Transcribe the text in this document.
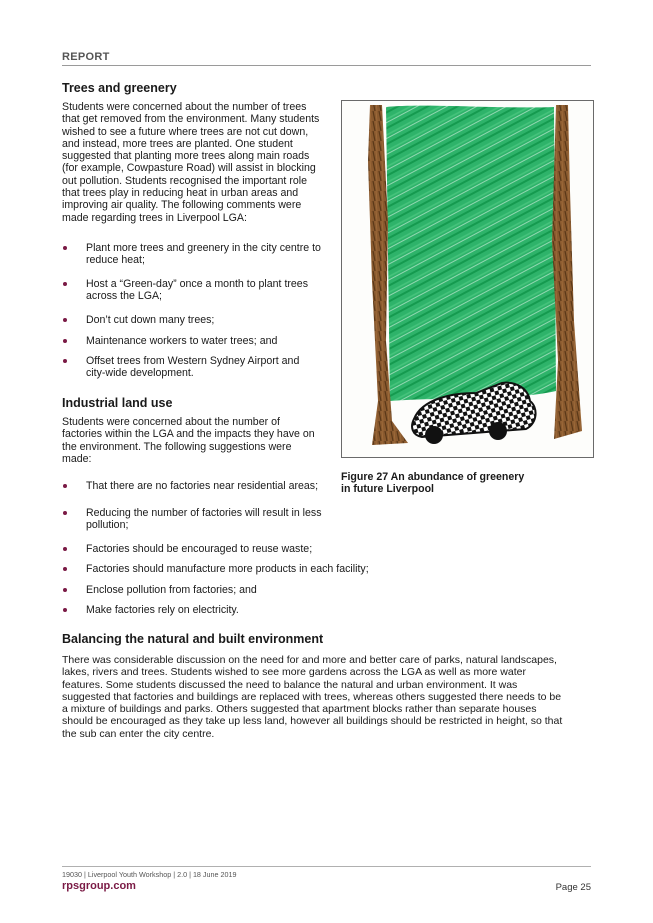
REPORT
Trees and greenery
Students were concerned about the number of trees
that get removed from the environment. Many students
wished to see a future where trees are not cut down,
and instead, more trees are planted. One student
suggested that planting more trees along main roads
(for example, Cowpasture Road) will assist in blocking
out pollution. Students recognised the important role
that trees play in reducing heat in urban areas and
improving air quality. The following comments were
made regarding trees in Liverpool LGA:
Plant more trees and greenery in the city centre to
reduce heat;
Host a “Green-day” once a month to plant trees
across the LGA;
Don’t cut down many trees;
Maintenance workers to water trees; and
Offset trees from Western Sydney Airport and
city-wide development.
Industrial land use
Students were concerned about the number of
factories within the LGA and the impacts they have on
the environment. The following suggestions were
made:
That there are no factories near residential areas;
Reducing the number of factories will result in less
pollution;
Factories should be encouraged to reuse waste;
Factories should manufacture more products in each facility;
Enclose pollution from factories; and
Make factories rely on electricity.
Figure 27 An abundance of greenery
in future Liverpool
Balancing the natural and built environment
There was considerable discussion on the need for and more and better care of parks, natural landscapes,
lakes, rivers and trees. Students wished to see more gardens across the LGA as well as more water
features. Some students discussed the need to balance the natural and urban environment. It was
suggested that factories and buildings are replaced with trees, whereas others suggested there needs to be
a mixture of buildings and parks. Others suggested that apartment blocks rather than separate houses
should be encouraged as they take up less land, however all buildings should be restricted in height, so that
the sub can enter the city centre.
19030 | Liverpool Youth Workshop | 2.0 | 18 June 2019
rpsgroup.com	Page 25
